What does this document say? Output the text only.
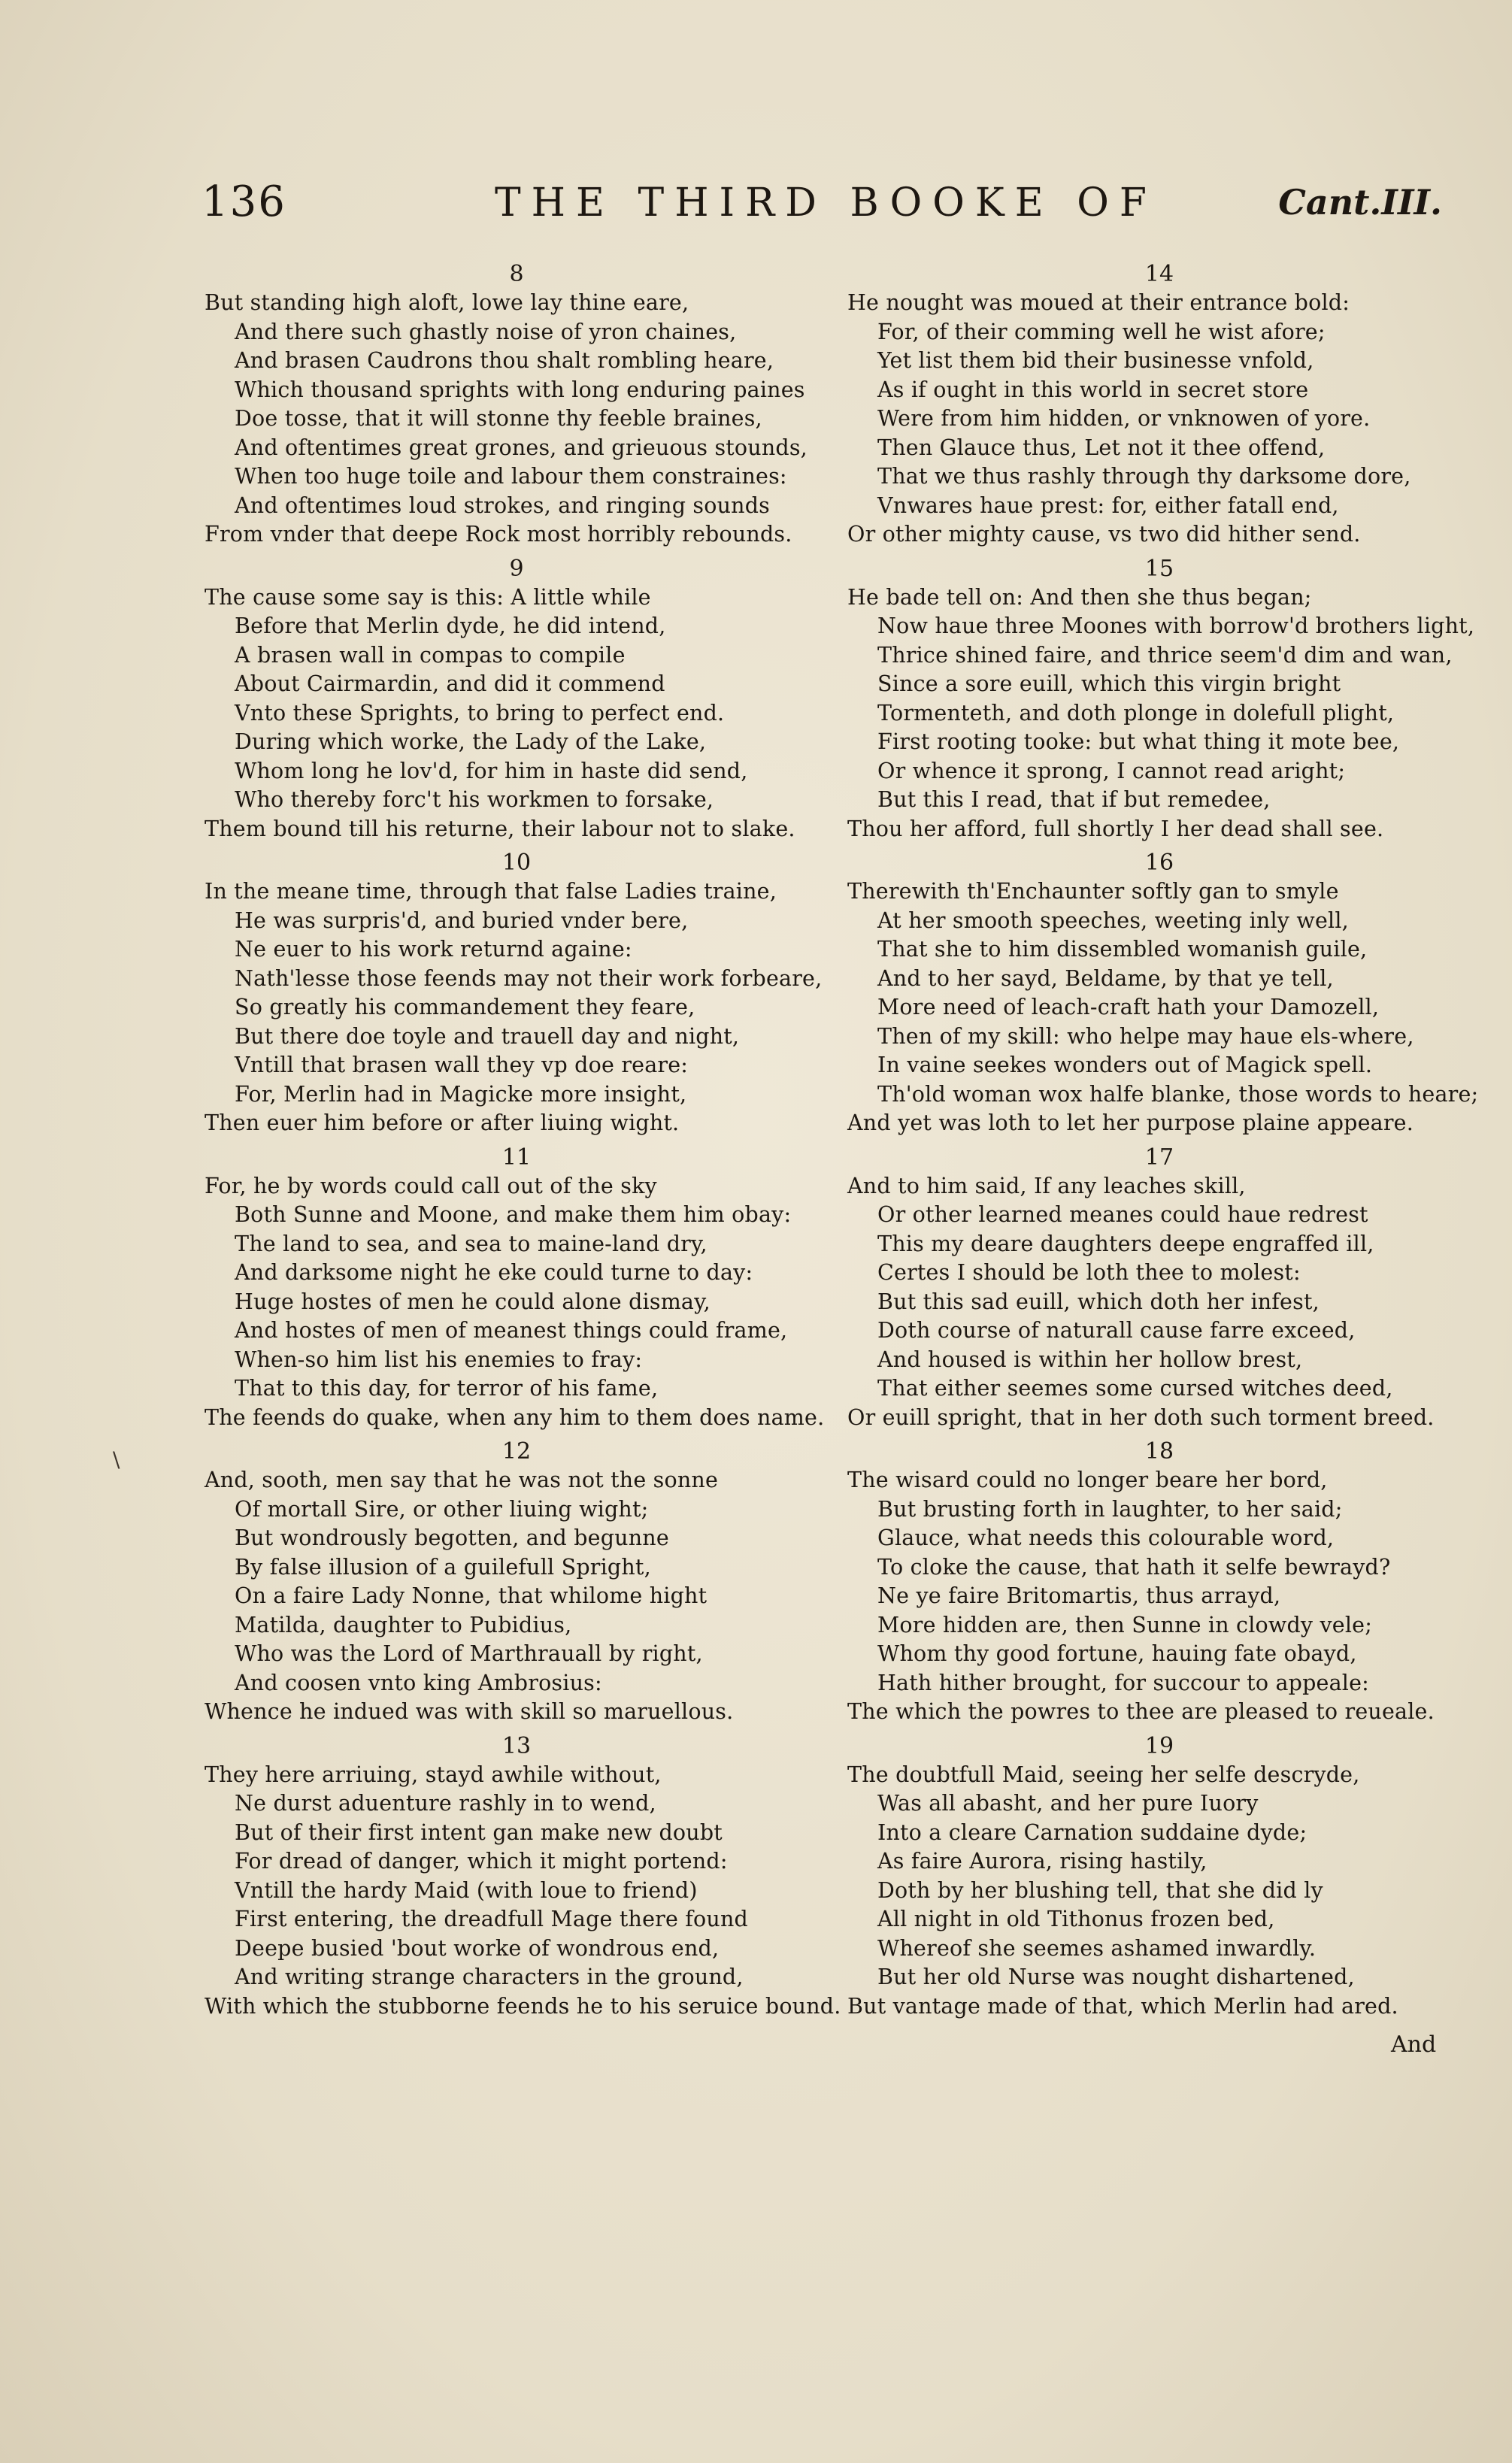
136	THE THIRD BOOKE OF	Cant.III.
8
But standing high aloft, lowe lay thine eare,
And there such ghastly noise of yron chaines,
And brasen Caudrons thou shalt rombling heare,
Which thousand sprights with long enduring paines
Doe tosse, that it will stonne thy feeble braines,
And oftentimes great grones, and grieuous stounds,
When too huge toile and labour them constraines:
And oftentimes loud strokes, and ringing sounds
From vnder that deepe Rock most horribly rebounds.
9
The cause some say is this: A little while
Before that Merlin dyde, he did intend,
A brasen wall in compas to compile
About Cairmardin, and did it commend
Vnto these Sprights, to bring to perfect end.
During which worke, the Lady of the Lake,
Whom long he lov'd, for him in haste did send,
Who thereby forc't his workmen to forsake,
Them bound till his returne, their labour not to slake.
10
In the meane time, through that false Ladies traine,
He was surpris'd, and buried vnder bere,
Ne euer to his work returnd againe:
Nath'lesse those feends may not their work forbeare,
So greatly his commandement they feare,
But there doe toyle and trauell day and night,
Vntill that brasen wall they vp doe reare:
For, Merlin had in Magicke more insight,
Then euer him before or after liuing wight.
11
For, he by words could call out of the sky
Both Sunne and Moone, and make them him obay:
The land to sea, and sea to maine-land dry,
And darksome night he eke could turne to day:
Huge hostes of men he could alone dismay,
And hostes of men of meanest things could frame,
When-so him list his enemies to fray:
That to this day, for terror of his fame,
The feends do quake, when any him to them does name.
12
And, sooth, men say that he was not the sonne
Of mortall Sire, or other liuing wight;
But wondrously begotten, and begunne
By false illusion of a guilefull Spright,
On a faire Lady Nonne, that whilome hight
Matilda, daughter to Pubidius,
Who was the Lord of Marthrauall by right,
And coosen vnto king Ambrosius:
Whence he indued was with skill so maruellous.
13
They here arriuing, stayd awhile without,
Ne durst aduenture rashly in to wend,
But of their first intent gan make new doubt
For dread of danger, which it might portend:
Vntill the hardy Maid (with loue to friend)
First entering, the dreadfull Mage there found
Deepe busied 'bout worke of wondrous end,
And writing strange characters in the ground,
With which the stubborne feends he to his seruice bound.
14
He nought was moued at their entrance bold:
For, of their comming well he wist afore;
Yet list them bid their businesse vnfold,
As if ought in this world in secret store
Were from him hidden, or vnknowen of yore.
Then Glauce thus, Let not it thee offend,
That we thus rashly through thy darksome dore,
Vnwares haue prest: for, either fatall end,
Or other mighty cause, vs two did hither send.
15
He bade tell on: And then she thus began;
Now haue three Moones with borrow'd brothers light,
Thrice shined faire, and thrice seem'd dim and wan,
Since a sore euill, which this virgin bright
Tormenteth, and doth plonge in dolefull plight,
First rooting tooke: but what thing it mote bee,
Or whence it sprong, I cannot read aright;
But this I read, that if but remedee,
Thou her afford, full shortly I her dead shall see.
16
Therewith th'Enchaunter softly gan to smyle
At her smooth speeches, weeting inly well,
That she to him dissembled womanish guile,
And to her sayd, Beldame, by that ye tell,
More need of leach-craft hath your Damozell,
Then of my skill: who helpe may haue els-where,
In vaine seekes wonders out of Magick spell.
Th'old woman wox halfe blanke, those words to heare;
And yet was loth to let her purpose plaine appeare.
17
And to him said, If any leaches skill,
Or other learned meanes could haue redrest
This my deare daughters deepe engraffed ill,
Certes I should be loth thee to molest:
But this sad euill, which doth her infest,
Doth course of naturall cause farre exceed,
And housed is within her hollow brest,
That either seemes some cursed witches deed,
Or euill spright, that in her doth such torment breed.
18
The wisard could no longer beare her bord,
But brusting forth in laughter, to her said;
Glauce, what needs this colourable word,
To cloke the cause, that hath it selfe bewrayd?
Ne ye faire Britomartis, thus arrayd,
More hidden are, then Sunne in clowdy vele;
Whom thy good fortune, hauing fate obayd,
Hath hither brought, for succour to appeale:
The which the powres to thee are pleased to reueale.
19
The doubtfull Maid, seeing her selfe descryde,
Was all abasht, and her pure Iuory
Into a cleare Carnation suddaine dyde;
As faire Aurora, rising hastily,
Doth by her blushing tell, that she did ly
All night in old Tithonus frozen bed,
Whereof she seemes ashamed inwardly.
But her old Nurse was nought dishartened,
But vantage made of that, which Merlin had ared.
And
\
